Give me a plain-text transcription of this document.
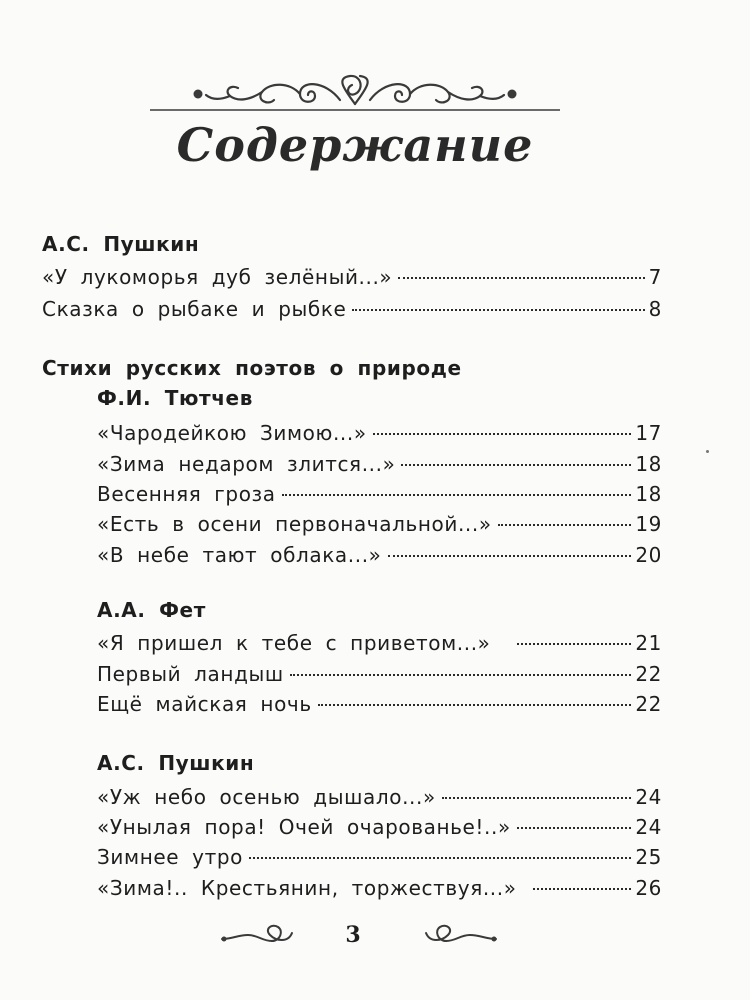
Содержание
А.С. Пушкин
«У лукоморья дуб зелёный...»	7
Сказка о рыбаке и рыбке	8
Стихи русских поэтов о природе
Ф.И. Тютчев
«Чародейкою Зимою...»	17
«Зима недаром злится...»	18
Весенняя гроза	18
«Есть в осени первоначальной...»	19
«В небе тают облака...»	20
А.А. Фет
«Я пришел к тебе с приветом...»	21
Первый ландыш	22
Ещё майская ночь	22
А.С. Пушкин
«Уж небо осенью дышало...»	24
«Унылая пора! Очей очарованье!..»	24
Зимнее утро	25
«Зима!.. Крестьянин, торжествуя...»	26
3
